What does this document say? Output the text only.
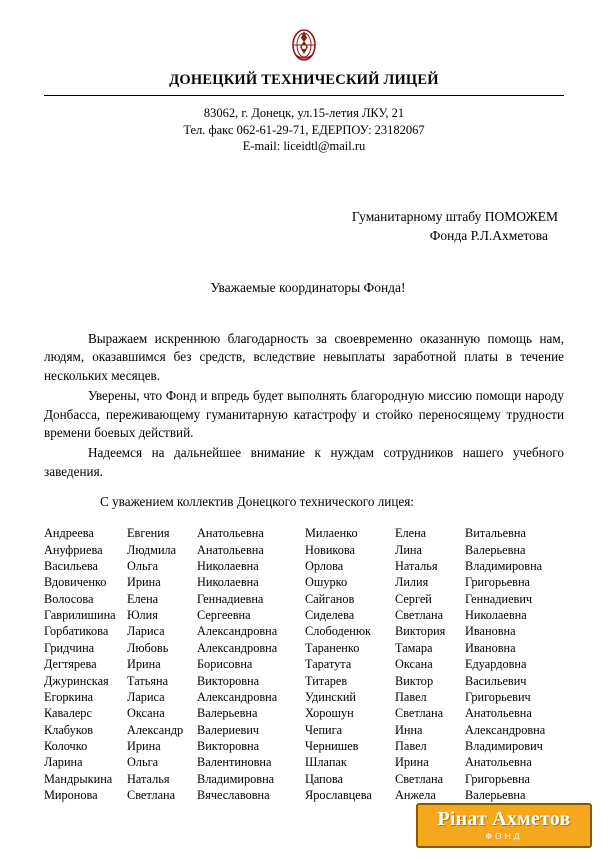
ДОНЕЦКИЙ ТЕХНИЧЕСКИЙ ЛИЦЕЙ
83062, г. Донецк, ул.15-летия ЛКУ, 21
Тел. факс 062-61-29-71, ЕДЕРПОУ: 23182067
E-mail: liceidtl@mail.ru
Гуманитарному штабу ПОМОЖЕМ
Фонда Р.Л.Ахметова
Уважаемые координаторы Фонда!

Выражаем искреннюю благодарность за своевременно оказанную помощь нам, людям, оказавшимся без средств, вследствие невыплаты заработной платы в течение нескольких месяцев.

Уверены, что Фонд и впредь будет выполнять благородную миссию помощи народу Донбасса, переживающему гуманитарную катастрофу и стойко переносящему трудности времени боевых действий.

Надеемся на дальнейшее внимание к нуждам сотрудников нашего учебного заведения.

С уважением коллектив Донецкого технического лицея:
Андреева	Евгения	Анатольевна	Милаенко	Елена	Витальевна
Ануфриева	Людмила	Анатольевна	Новикова	Лина	Валерьевна
Васильева	Ольга	Николаевна	Орлова	Наталья	Владимировна
Вдовиченко	Ирина	Николаевна	Ошурко	Лилия	Григорьевна
Волосова	Елена	Геннадиевна	Сайганов	Сергей	Геннадиевич
Гаврилишина	Юлия	Сергеевна	Сиделева	Светлана	Николаевна
Горбатикова	Лариса	Александровна	Слободенюк	Виктория	Ивановна
Гридчина	Любовь	Александровна	Тараненко	Тамара	Ивановна
Дегтярева	Ирина	Борисовна	Таратута	Оксана	Едуардовна
Джуринская	Татьяна	Викторовна	Титарев	Виктор	Васильевич
Егоркина	Лариса	Александровна	Удинский	Павел	Григорьевич
Кавалерс	Оксана	Валерьевна	Хорошун	Светлана	Анатольевна
Клабуков	Александр	Валериевич	Чепига	Инна	Александровна
Колочко	Ирина	Викторовна	Чернишев	Павел	Владимирович
Ларина	Ольга	Валентиновна	Шлапак	Ирина	Анатольевна
Мандрыкина	Наталья	Владимировна	Цапова	Светлана	Григорьевна
Миронова	Светлана	Вячеславовна	Ярославцева	Анжела	Валерьевна
Рінат Ахметов
ФОНД
